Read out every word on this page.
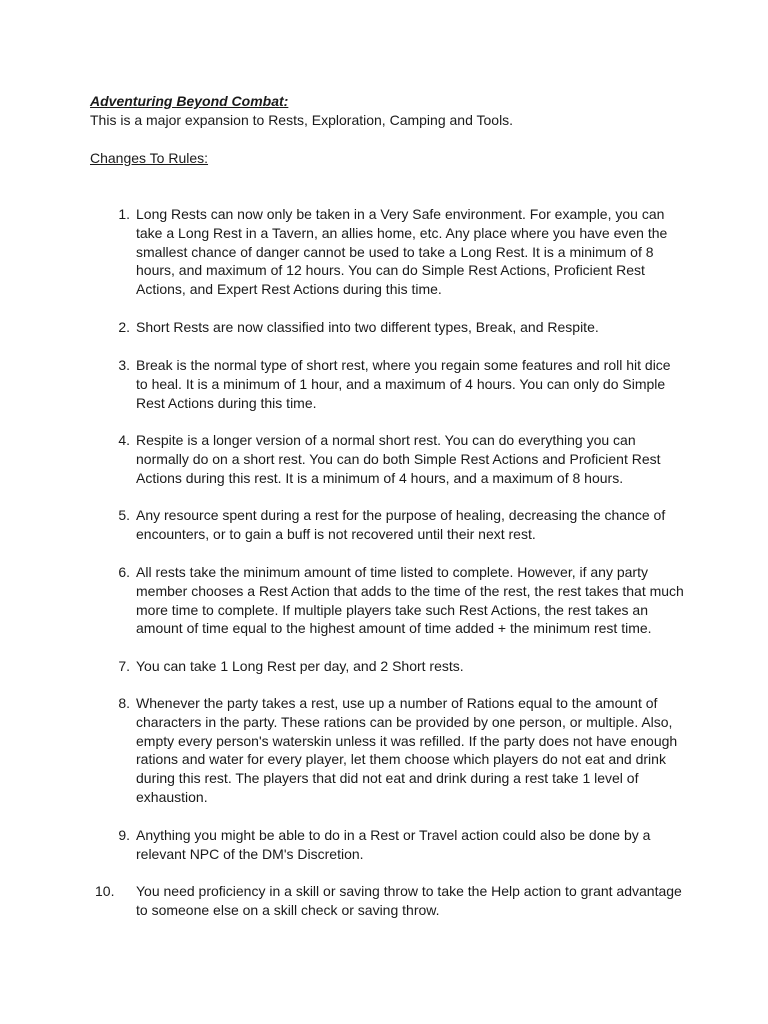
Adventuring Beyond Combat:
This is a major expansion to Rests, Exploration, Camping and Tools.
Changes To Rules:
1. Long Rests can now only be taken in a Very Safe environment. For example, you can take a Long Rest in a Tavern, an allies home, etc. Any place where you have even the smallest chance of danger cannot be used to take a Long Rest. It is a minimum of 8 hours, and maximum of 12 hours. You can do Simple Rest Actions, Proficient Rest Actions, and Expert Rest Actions during this time.
2. Short Rests are now classified into two different types, Break, and Respite.
3. Break is the normal type of short rest, where you regain some features and roll hit dice to heal. It is a minimum of 1 hour, and a maximum of 4 hours. You can only do Simple Rest Actions during this time.
4. Respite is a longer version of a normal short rest. You can do everything you can normally do on a short rest. You can do both Simple Rest Actions and Proficient Rest Actions during this rest. It is a minimum of 4 hours, and a maximum of 8 hours.
5. Any resource spent during a rest for the purpose of healing, decreasing the chance of encounters, or to gain a buff is not recovered until their next rest.
6. All rests take the minimum amount of time listed to complete. However, if any party member chooses a Rest Action that adds to the time of the rest, the rest takes that much more time to complete. If multiple players take such Rest Actions, the rest takes an amount of time equal to the highest amount of time added + the minimum rest time.
7. You can take 1 Long Rest per day, and 2 Short rests.
8. Whenever the party takes a rest, use up a number of Rations equal to the amount of characters in the party. These rations can be provided by one person, or multiple. Also, empty every person's waterskin unless it was refilled. If the party does not have enough rations and water for every player, let them choose which players do not eat and drink during this rest. The players that did not eat and drink during a rest take 1 level of exhaustion.
9. Anything you might be able to do in a Rest or Travel action could also be done by a relevant NPC of the DM's Discretion.
10.	You need proficiency in a skill or saving throw to take the Help action to grant advantage to someone else on a skill check or saving throw.
